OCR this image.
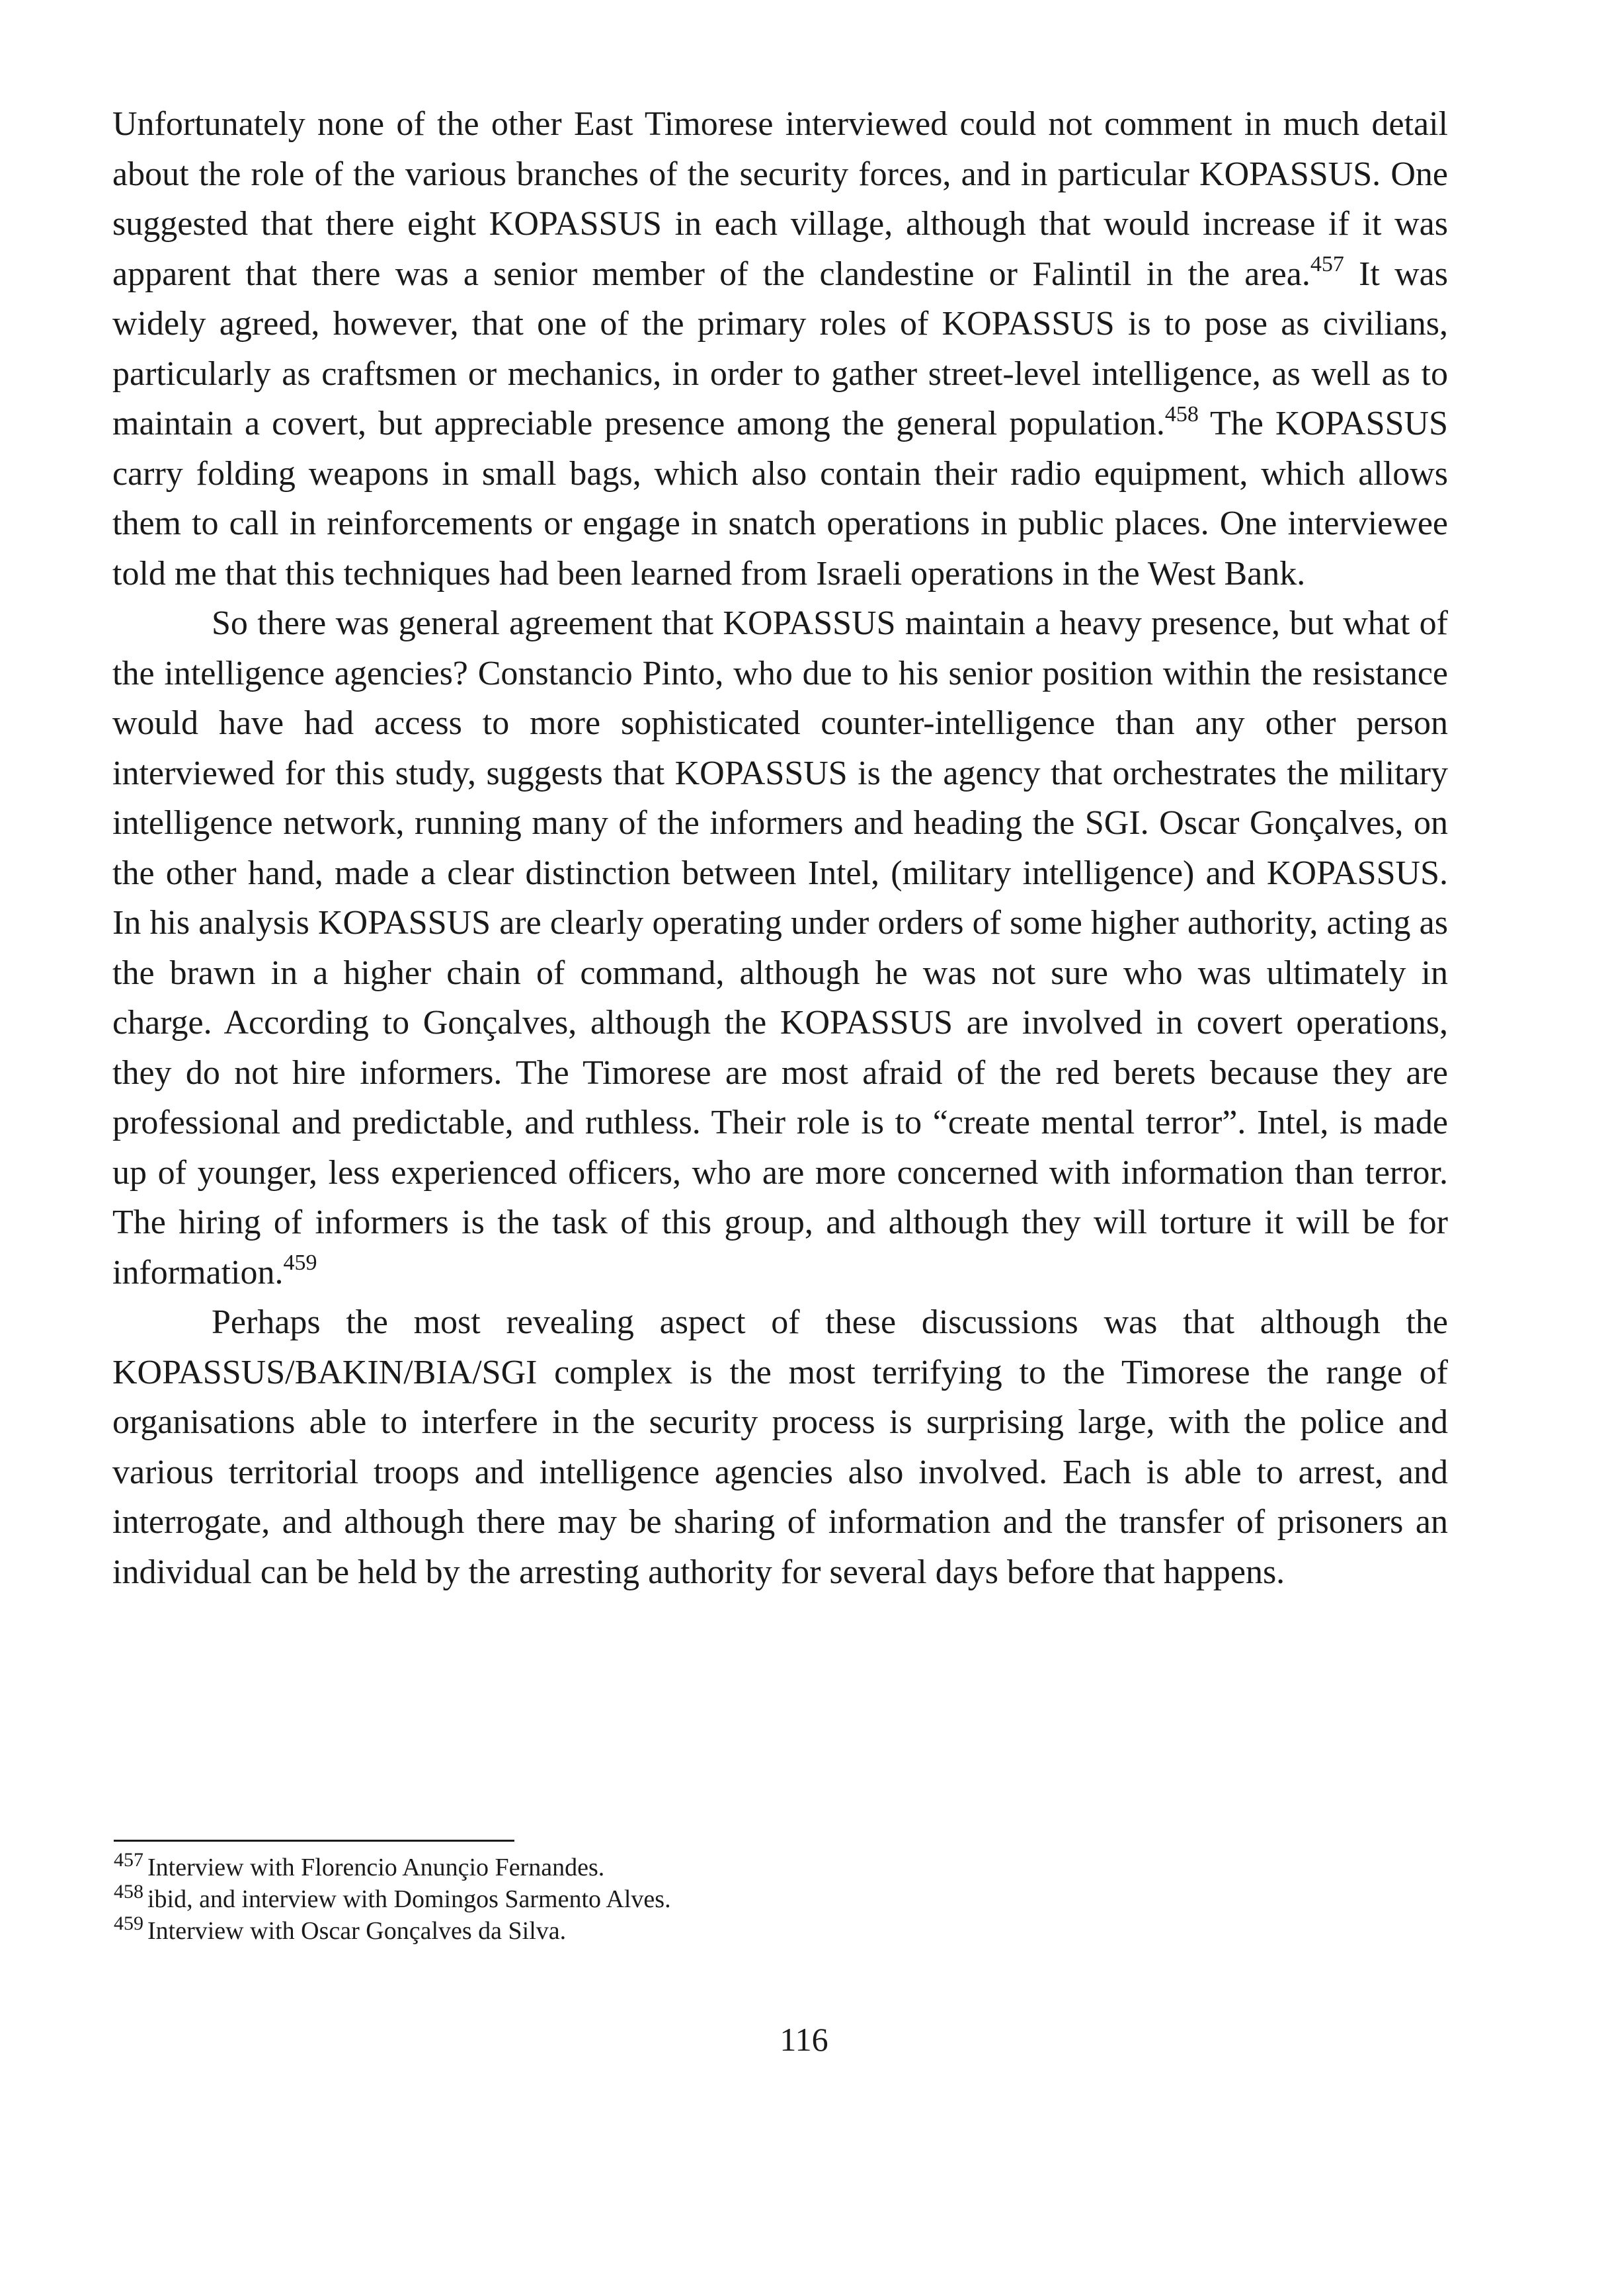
Unfortunately none of the other East Timorese interviewed could not comment in much detail about the role of the various branches of the security forces, and in particular KOPASSUS. One suggested that there eight KOPASSUS in each village, although that would increase if it was apparent that there was a senior member of the clandestine or Falintil in the area.$^{457}$ It was widely agreed, however, that one of the primary roles of KOPASSUS is to pose as civilians, particularly as craftsmen or mechanics, in order to gather street-level intelligence, as well as to maintain a covert, but appreciable presence among the general population.$^{458}$ The KOPASSUS carry folding weapons in small bags, which also contain their radio equipment, which allows them to call in reinforcements or engage in snatch operations in public places. One interviewee told me that this techniques had been learned from Israeli operations in the West Bank.

So there was general agreement that KOPASSUS maintain a heavy presence, but what of the intelligence agencies? Constancio Pinto, who due to his senior position within the resistance would have had access to more sophisticated counter-intelligence than any other person interviewed for this study, suggests that KOPASSUS is the agency that orchestrates the military intelligence network, running many of the informers and heading the SGI. Oscar Gonçalves, on the other hand, made a clear distinction between Intel, (military intelligence) and KOPASSUS. In his analysis KOPASSUS are clearly operating under orders of some higher authority, acting as the brawn in a higher chain of command, although he was not sure who was ultimately in charge. According to Gonçalves, although the KOPASSUS are involved in covert operations, they do not hire informers. The Timorese are most afraid of the red berets because they are professional and predictable, and ruthless. Their role is to “create mental terror”. Intel, is made up of younger, less experienced officers, who are more concerned with information than terror. The hiring of informers is the task of this group, and although they will torture it will be for information.$^{459}$

Perhaps the most revealing aspect of these discussions was that although the KOPASSUS/BAKIN/BIA/SGI complex is the most terrifying to the Timorese the range of organisations able to interfere in the security process is surprising large, with the police and various territorial troops and intelligence agencies also involved. Each is able to arrest, and interrogate, and although there may be sharing of information and the transfer of prisoners an individual can be held by the arresting authority for several days before that happens.

$^{457}$ Interview with Florencio Anunçio Fernandes.

$^{458}$ ibid, and interview with Domingos Sarmento Alves.

$^{459}$ Interview with Oscar Gonçalves da Silva.

116
